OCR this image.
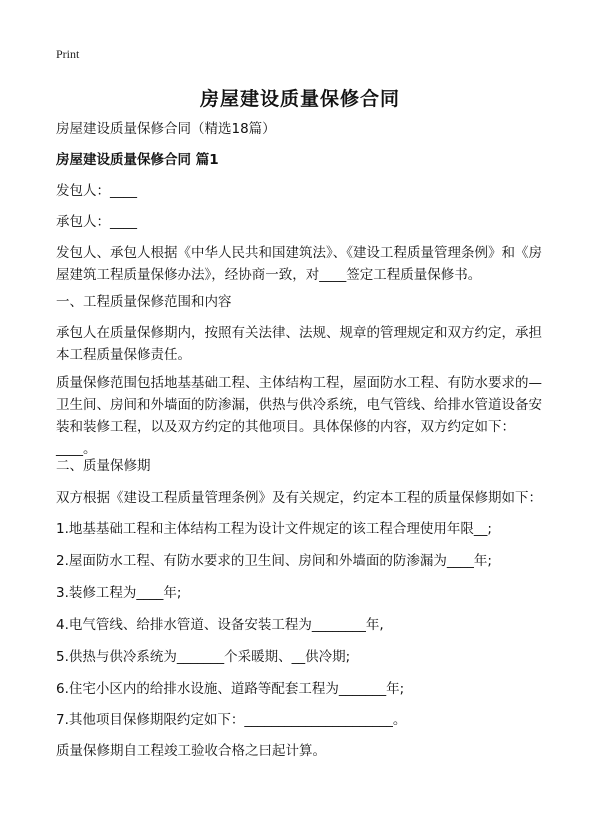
Print
房屋建设质量保修合同
房屋建设质量保修合同（精选18篇）
房屋建设质量保修合同 篇1
发包人：____
承包人：____
发包人、承包人根据《中华人民共和国建筑法》、《建设工程质量管理条例》和《房屋建筑工程质量保修办法》，经协商一致，对____签定工程质量保修书。
一、工程质量保修范围和内容
承包人在质量保修期内，按照有关法律、法规、规章的管理规定和双方约定，承担本工程质量保修责任。
质量保修范围包括地基基础工程、主体结构工程，屋面防水工程、有防水要求的—卫生间、房间和外墙面的防渗漏，供热与供冷系统，电气管线、给排水管道设备安装和装修工程，以及双方约定的其他项目。具体保修的内容，双方约定如下：____。
二、质量保修期
双方根据《建设工程质量管理条例》及有关规定，约定本工程的质量保修期如下：
1.地基基础工程和主体结构工程为设计文件规定的该工程合理使用年限__;
2.屋面防水工程、有防水要求的卫生间、房间和外墙面的防渗漏为____年;
3.装修工程为____年;
4.电气管线、给排水管道、设备安装工程为________年,
5.供热与供冷系统为_______个采暖期、__供冷期;
6.住宅小区内的给排水设施、道路等配套工程为_______年;
7.其他项目保修期限约定如下：______________________。
质量保修期自工程竣工验收合格之曰起计算。
